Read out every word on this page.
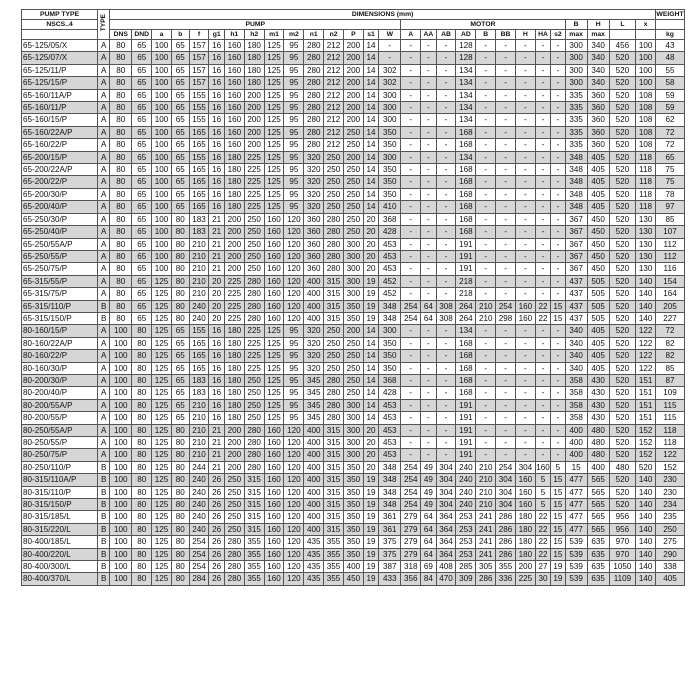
PUMP TYPE	TYPE	DIMENSIONS (mm)																												WEIGHT
NSCS..4		PUMP															MOTOR									B	H	L	x	
		DNS	DND	a	b	f	g1	h1	h2	m1	m2	n1	n2	P	s1	W	A	AA	AB	AD	B	BB	H	HA	s2	max	max			kg
65-125/05/X	A	80	65	100	65	157	16	160	180	125	95	280	212	200	14	-	-	-	-	128	-	-	-	-	-	300	340	456	100	43
65-125/07/X	A	80	65	100	65	157	16	160	180	125	95	280	212	200	14	-	-	-	-	128	-	-	-	-	-	300	340	520	100	48
65-125/11/P	A	80	65	100	65	157	16	160	180	125	95	280	212	200	14	302	-	-	-	134	-	-	-	-	-	300	340	520	100	55
65-125/15/P	A	80	65	100	65	157	16	160	180	125	95	280	212	200	14	302	-	-	-	134	-	-	-	-	-	300	340	520	100	58
65-160/11A/P	A	80	65	100	65	155	16	160	200	125	95	280	212	200	14	300	-	-	-	134	-	-	-	-	-	335	360	520	108	59
65-160/11/P	A	80	65	100	65	155	16	160	200	125	95	280	212	200	14	300	-	-	-	134	-	-	-	-	-	335	360	520	108	59
65-160/15/P	A	80	65	100	65	155	16	160	200	125	95	280	212	200	14	300	-	-	-	134	-	-	-	-	-	335	360	520	108	62
65-160/22A/P	A	80	65	100	65	165	16	160	200	125	95	280	212	250	14	350	-	-	-	168	-	-	-	-	-	335	360	520	108	72
65-160/22/P	A	80	65	100	65	165	16	160	200	125	95	280	212	250	14	350	-	-	-	168	-	-	-	-	-	335	360	520	108	72
65-200/15/P	A	80	65	100	65	155	16	180	225	125	95	320	250	200	14	300	-	-	-	134	-	-	-	-	-	348	405	520	118	65
65-200/22A/P	A	80	65	100	65	165	16	180	225	125	95	320	250	250	14	350	-	-	-	168	-	-	-	-	-	348	405	520	118	75
65-200/22/P	A	80	65	100	65	165	16	180	225	125	95	320	250	250	14	350	-	-	-	168	-	-	-	-	-	348	405	520	118	75
65-200/30/P	A	80	65	100	65	165	16	180	225	125	95	320	250	250	14	350	-	-	-	168	-	-	-	-	-	348	405	520	118	78
65-200/40/P	A	80	65	100	65	165	16	180	225	125	95	320	250	250	14	410	-	-	-	168	-	-	-	-	-	348	405	520	118	97
65-250/30/P	A	80	65	100	80	183	21	200	250	160	120	360	280	250	20	368	-	-	-	168	-	-	-	-	-	367	450	520	130	85
65-250/40/P	A	80	65	100	80	183	21	200	250	160	120	360	280	250	20	428	-	-	-	168	-	-	-	-	-	367	450	520	130	107
65-250/55A/P	A	80	65	100	80	210	21	200	250	160	120	360	280	300	20	453	-	-	-	191	-	-	-	-	-	367	450	520	130	112
65-250/55/P	A	80	65	100	80	210	21	200	250	160	120	360	280	300	20	453	-	-	-	191	-	-	-	-	-	367	450	520	130	112
65-250/75/P	A	80	65	100	80	210	21	200	250	160	120	360	280	300	20	453	-	-	-	191	-	-	-	-	-	367	450	520	130	116
65-315/55/P	A	80	65	125	80	210	20	225	280	160	120	400	315	300	19	452	-	-	-	218	-	-	-	-	-	437	505	520	140	154
65-315/75/P	A	80	65	125	80	210	20	225	280	160	120	400	315	300	19	452	-	-	-	218	-	-	-	-	-	437	505	520	140	164
65-315/110/P	B	80	65	125	80	240	20	225	280	160	120	400	315	350	19	348	254	64	308	264	210	254	160	22	15	437	505	520	140	205
65-315/150/P	B	80	65	125	80	240	20	225	280	160	120	400	315	350	19	348	254	64	308	264	210	298	160	22	15	437	505	520	140	227
80-160/15/P	A	100	80	125	65	155	16	180	225	125	95	320	250	200	14	300	-	-	-	134	-	-	-	-	-	340	405	520	122	72
80-160/22A/P	A	100	80	125	65	165	16	180	225	125	95	320	250	250	14	350	-	-	-	168	-	-	-	-	-	340	405	520	122	82
80-160/22/P	A	100	80	125	65	165	16	180	225	125	95	320	250	250	14	350	-	-	-	168	-	-	-	-	-	340	405	520	122	82
80-160/30/P	A	100	80	125	65	165	16	180	225	125	95	320	250	250	14	350	-	-	-	168	-	-	-	-	-	340	405	520	122	85
80-200/30/P	A	100	80	125	65	183	16	180	250	125	95	345	280	250	14	368	-	-	-	168	-	-	-	-	-	358	430	520	151	87
80-200/40/P	A	100	80	125	65	183	16	180	250	125	95	345	280	250	14	428	-	-	-	168	-	-	-	-	-	358	430	520	151	109
80-200/55A/P	A	100	80	125	65	210	16	180	250	125	95	345	280	300	14	453	-	-	-	191	-	-	-	-	-	358	430	520	151	115
80-200/55/P	A	100	80	125	65	210	16	180	250	125	95	345	280	300	14	453	-	-	-	191	-	-	-	-	-	358	430	520	151	115
80-250/55A/P	A	100	80	125	80	210	21	200	280	160	120	400	315	300	20	453	-	-	-	191	-	-	-	-	-	400	480	520	152	118
80-250/55/P	A	100	80	125	80	210	21	200	280	160	120	400	315	300	20	453	-	-	-	191	-	-	-	-	-	400	480	520	152	118
80-250/75/P	A	100	80	125	80	210	21	200	280	160	120	400	315	300	20	453	-	-	-	191	-	-	-	-	-	400	480	520	152	122
80-250/110/P	B	100	80	125	80	244	21	200	280	160	120	400	315	350	20	348	254	49	304	240	210	254	304	160	5	15	400	480	520	152
80-315/110A/P	B	100	80	125	80	240	26	250	315	160	120	400	315	350	19	348	254	49	304	240	210	304	160	5	15	477	565	520	140	230
80-315/110/P	B	100	80	125	80	240	26	250	315	160	120	400	315	350	19	348	254	49	304	240	210	304	160	5	15	477	565	520	140	230
80-315/150/P	B	100	80	125	80	240	26	250	315	160	120	400	315	350	19	348	254	49	304	240	210	304	160	5	15	477	565	520	140	234
80-315/185/L	B	100	80	125	80	240	26	250	315	160	120	400	315	350	19	361	279	64	364	253	241	286	180	22	15	477	565	956	140	235
80-315/220/L	B	100	80	125	80	240	26	250	315	160	120	400	315	350	19	361	279	64	364	253	241	286	180	22	15	477	565	956	140	250
80-400/185/L	B	100	80	125	80	254	26	280	355	160	120	435	355	350	19	375	279	64	364	253	241	286	180	22	15	539	635	970	140	275
80-400/220/L	B	100	80	125	80	254	26	280	355	160	120	435	355	350	19	375	279	64	364	253	241	286	180	22	15	539	635	970	140	290
80-400/300/L	B	100	80	125	80	254	26	280	355	160	120	435	355	400	19	387	318	69	408	285	305	355	200	27	19	539	635	1050	140	338
80-400/370/L	B	100	80	125	80	284	26	280	355	160	120	435	355	450	19	433	356	84	470	309	286	336	225	30	19	539	635	1109	140	405
